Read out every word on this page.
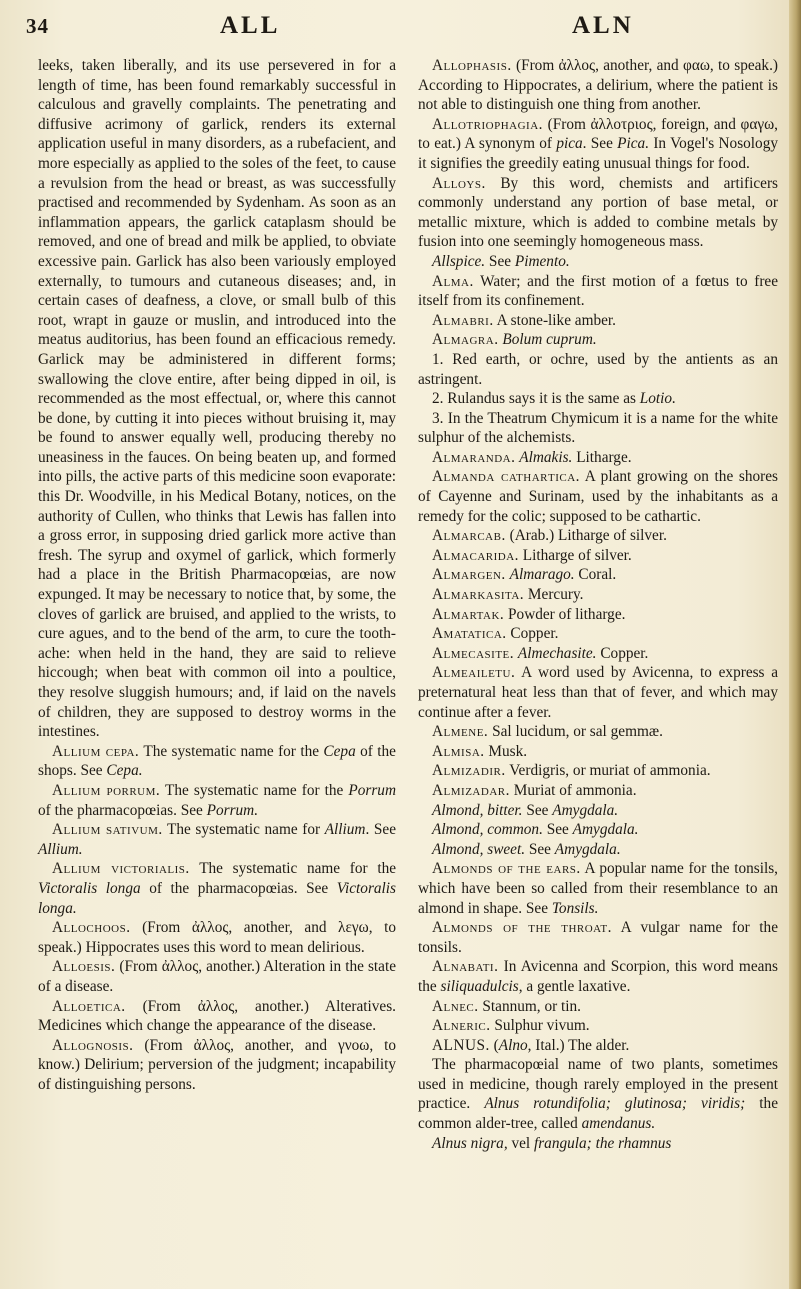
34	ALL	ALN

leeks, taken liberally, and its use persevered in for a length of time, has been found remarkably successful in calculous and gravelly complaints. The penetrating and diffusive acrimony of garlick, renders its external application useful in many disorders, as a rubefacient, and more especially as applied to the soles of the feet, to cause a revulsion from the head or breast, as was successfully practised and recommended by Sydenham. As soon as an inflammation appears, the garlick cataplasm should be removed, and one of bread and milk be applied, to obviate excessive pain. Garlick has also been variously employed externally, to tumours and cutaneous diseases; and, in certain cases of deafness, a clove, or small bulb of this root, wrapt in gauze or muslin, and introduced into the meatus auditorius, has been found an efficacious remedy. Garlick may be administered in different forms; swallowing the clove entire, after being dipped in oil, is recommended as the most effectual, or, where this cannot be done, by cutting it into pieces without bruising it, may be found to answer equally well, producing thereby no uneasiness in the fauces. On being beaten up, and formed into pills, the active parts of this medicine soon evaporate: this Dr. Woodville, in his Medical Botany, notices, on the authority of Cullen, who thinks that Lewis has fallen into a gross error, in supposing dried garlick more active than fresh. The syrup and oxymel of garlick, which formerly had a place in the British Pharmacopœias, are now expunged. It may be necessary to notice that, by some, the cloves of garlick are bruised, and applied to the wrists, to cure agues, and to the bend of the arm, to cure the tooth-ache: when held in the hand, they are said to relieve hiccough; when beat with common oil into a poultice, they resolve sluggish humours; and, if laid on the navels of children, they are supposed to destroy worms in the intestines.

Allium cepa. The systematic name for the Cepa of the shops. See Cepa.

Allium porrum. The systematic name for the Porrum of the pharmacopœias. See Porrum.

Allium sativum. The systematic name for Allium. See Allium.

Allium victorialis. The systematic name for the Victoralis longa of the pharmacopœias. See Victoralis longa.

Allochoos. (From ἀλλος, another, and λεγω, to speak.) Hippocrates uses this word to mean delirious.

Alloesis. (From ἀλλος, another.) Alteration in the state of a disease.

Alloetica. (From ἀλλος, another.) Alteratives. Medicines which change the appearance of the disease.

Allognosis. (From ἀλλος, another, and γνοω, to know.) Delirium; perversion of the judgment; incapability of distinguishing persons.

Allophasis. (From ἀλλος, another, and φαω, to speak.) According to Hippocrates, a delirium, where the patient is not able to distinguish one thing from another.

Allotriophagia. (From ἀλλοτριος, foreign, and φαγω, to eat.) A synonym of pica. See Pica. In Vogel's Nosology it signifies the greedily eating unusual things for food.

Alloys. By this word, chemists and artificers commonly understand any portion of base metal, or metallic mixture, which is added to combine metals by fusion into one seemingly homogeneous mass.

Allspice. See Pimento.

Alma. Water; and the first motion of a fœtus to free itself from its confinement.

Almabri. A stone-like amber.

Almagra. Bolum cuprum.

1. Red earth, or ochre, used by the antients as an astringent.

2. Rulandus says it is the same as Lotio.

3. In the Theatrum Chymicum it is a name for the white sulphur of the alchemists.

Almaranda. Almakis. Litharge.

Almandа catharтica. A plant growing on the shores of Cayenne and Surinam, used by the inhabitants as a remedy for the colic; supposed to be cathartic.

Almarcab. (Arab.) Litharge of silver.

Almacarida. Litharge of silver.

Almargen. Almarago. Coral.

Almarkasita. Mercury.

Almartak. Powder of litharge.

Amatatica. Copper.

Almecasite. Almechasite. Copper.

Almeailetu. A word used by Avicenna, to express a preternatural heat less than that of fever, and which may continue after a fever.

Almene. Sal lucidum, or sal gemmæ.

Almisa. Musk.

Almizadir. Verdigris, or muriat of ammonia.

Almizadar. Muriat of ammonia.

Almond, bitter. See Amygdala.

Almond, common. See Amygdala.

Almond, sweet. See Amygdala.

Almonds of the ears. A popular name for the tonsils, which have been so called from their resemblance to an almond in shape. See Tonsils.

Almonds of the throat. A vulgar name for the tonsils.

Alnabati. In Avicenna and Scorpion, this word means the siliquadulcis, a gentle laxative.

Alnec. Stannum, or tin.

Alneric. Sulphur vivum.

ALNUS. (Alno, Ital.) The alder.

The pharmacopœial name of two plants, sometimes used in medicine, though rarely employed in the present practice. Alnus rotundifolia; glutinosa; viridis; the common alder-tree, called amendanus.

Alnus nigra, vel frangula; the rhamnus
